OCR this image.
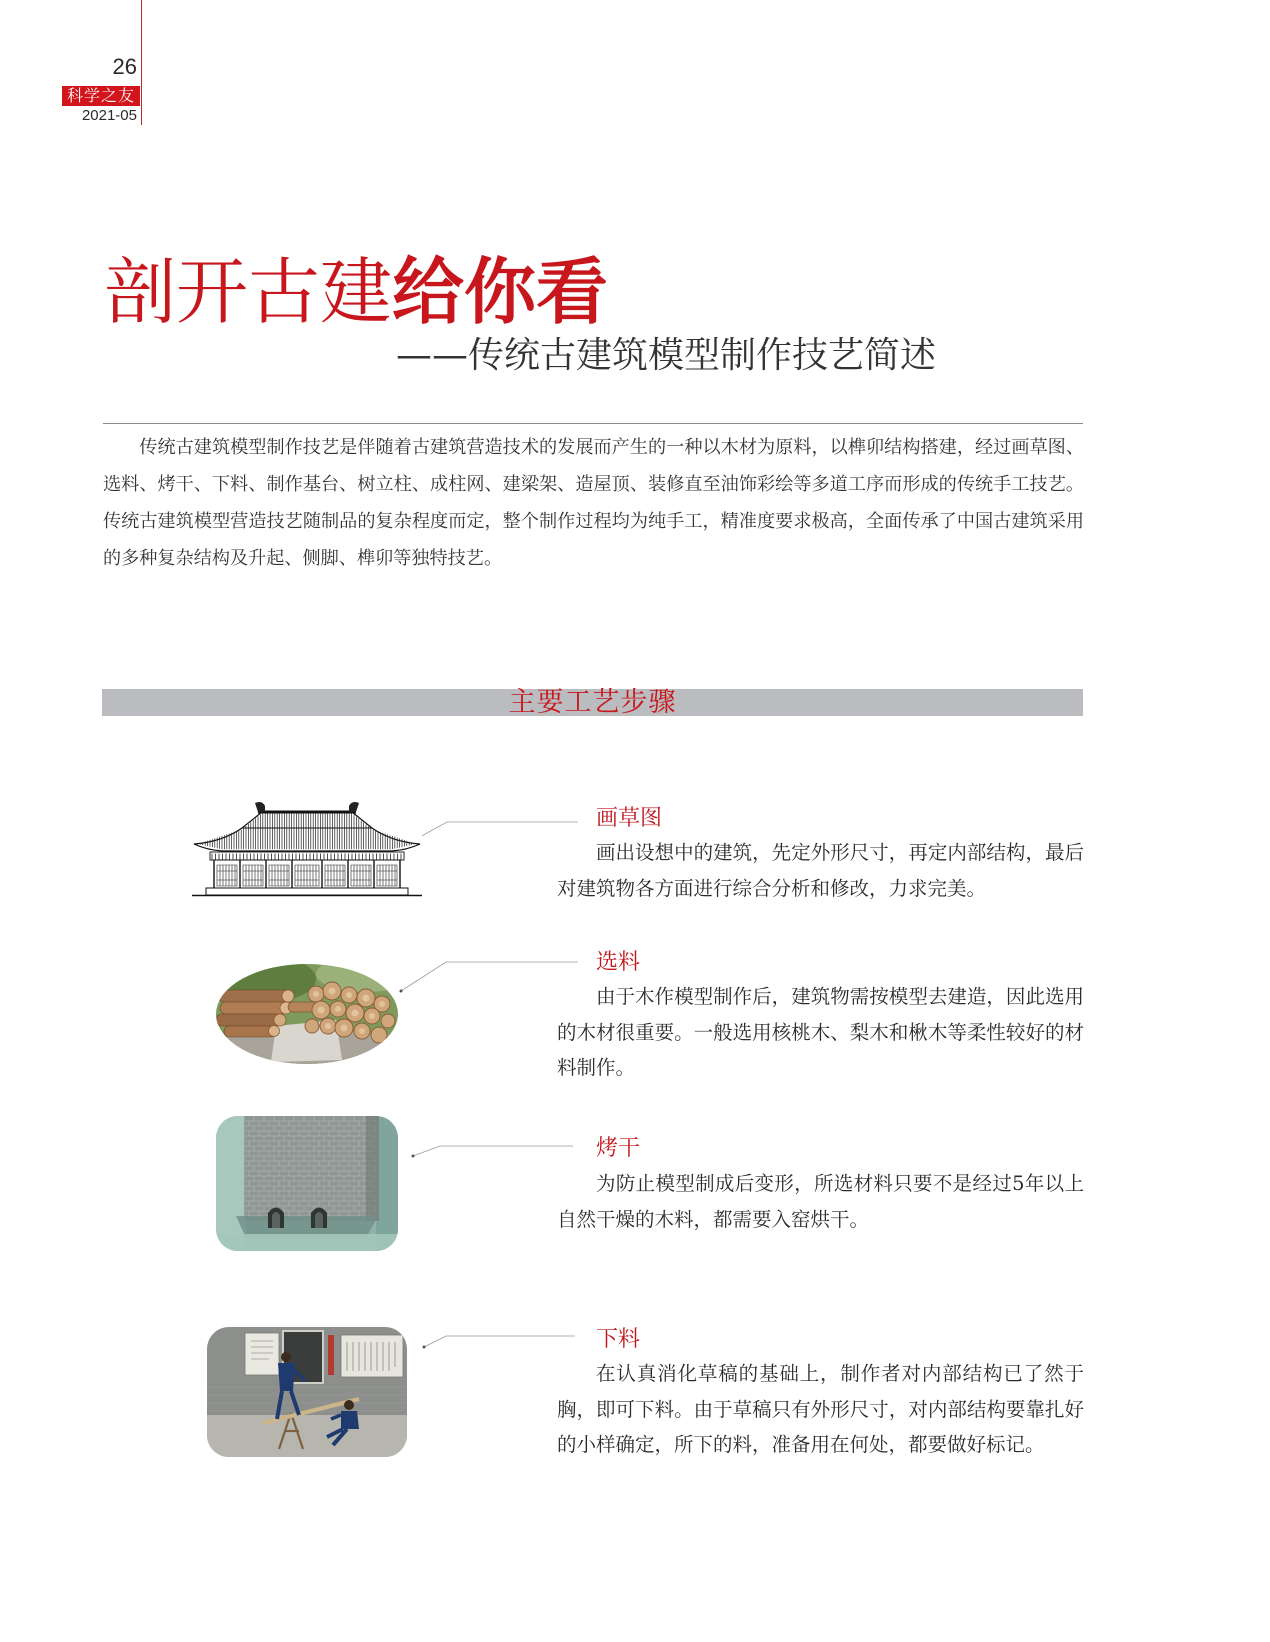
26
科学之友
2021-05
剖开古建给你看
——传统古建筑模型制作技艺简述

传统古建筑模型制作技艺是伴随着古建筑营造技术的发展而产生的一种以木材为原料，以榫卯结构搭建，经过画草图、选料、烤干、下料、制作基台、树立柱、成柱网、建梁架、造屋顶、装修直至油饰彩绘等多道工序而形成的传统手工技艺。传统古建筑模型营造技艺随制品的复杂程度而定，整个制作过程均为纯手工，精准度要求极高，全面传承了中国古建筑采用的多种复杂结构及升起、侧脚、榫卯等独特技艺。

主要工艺步骤
画草图

画出设想中的建筑，先定外形尺寸，再定内部结构，最后对建筑物各方面进行综合分析和修改，力求完美。

选料

由于木作模型制作后，建筑物需按模型去建造，因此选用的木材很重要。一般选用核桃木、梨木和楸木等柔性较好的材料制作。

烤干

为防止模型制成后变形，所选材料只要不是经过5年以上自然干燥的木料，都需要入窑烘干。

下料

在认真消化草稿的基础上，制作者对内部结构已了然于胸，即可下料。由于草稿只有外形尺寸，对内部结构要靠扎好的小样确定，所下的料，准备用在何处，都要做好标记。
